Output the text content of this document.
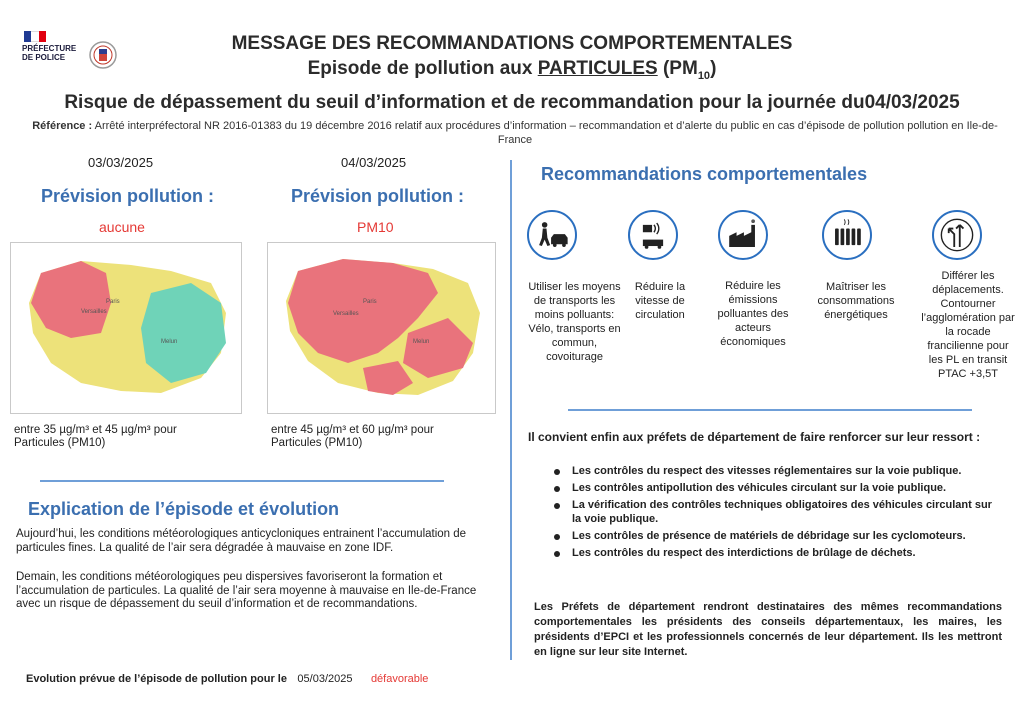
PRÉFECTURE
DE POLICE
MESSAGE DES RECOMMANDATIONS COMPORTEMENTALES
Episode de pollution aux PARTICULES $(PM_{10})$
Risque de dépassement du seuil d’information et de recommandation pour la journée du04/03/2025
Référence : Arrêté interpréfectoral NR 2016-01383 du 19 décembre 2016 relatif aux procédures d’information – recommandation et d’alerte du public en cas d’épisode de pollution pollution en Ile-de-France
03/03/2025
Prévision pollution :
aucune
Paris
Versailles
Melun
entre 35 µg/m³ et 45 µg/m³ pour Particules (PM10)
04/03/2025
Prévision pollution :
PM10
Paris
Versailles
Melun
entre 45 µg/m³ et 60 µg/m³ pour Particules (PM10)
Explication de l’épisode et évolution
Aujourd’hui, les conditions météorologiques anticycloniques entrainent l’accumulation de particules fines. La qualité de l’air sera dégradée à mauvaise en zone IDF.
Demain, les conditions météorologiques peu dispersives favoriseront la formation et l’accumulation de particules. La qualité de l’air sera moyenne à mauvaise en Ile-de-France avec un risque de dépassement du seuil d’information et de recommandations.
Evolution prévue de l’épisode de pollution pour le 05/03/2025 défavorable
Recommandations comportementales
Utiliser les moyens de transports les moins polluants: Vélo, transports en commun, covoiturage
Réduire la vitesse de circulation
Réduire les émissions polluantes des acteurs économiques
Maîtriser les consommations énergétiques
Différer les déplacements. Contourner l’agglomération par la rocade francilienne pour les PL en transit PTAC +3,5T
Il convient enfin aux préfets de département de faire renforcer sur leur ressort :
Les contrôles du respect des vitesses réglementaires sur la voie publique.
Les contrôles antipollution des véhicules circulant sur la voie publique.
La vérification des contrôles techniques obligatoires des véhicules circulant sur la voie publique.
Les contrôles de présence de matériels de débridage sur les cyclomoteurs.
Les contrôles du respect des interdictions de brûlage de déchets.
Les Préfets de département rendront destinataires des mêmes recommandations comportementales les présidents des conseils départementaux, les maires, les présidents d’EPCI et les professionnels concernés de leur département. Ils les mettront en ligne sur leur site Internet.
